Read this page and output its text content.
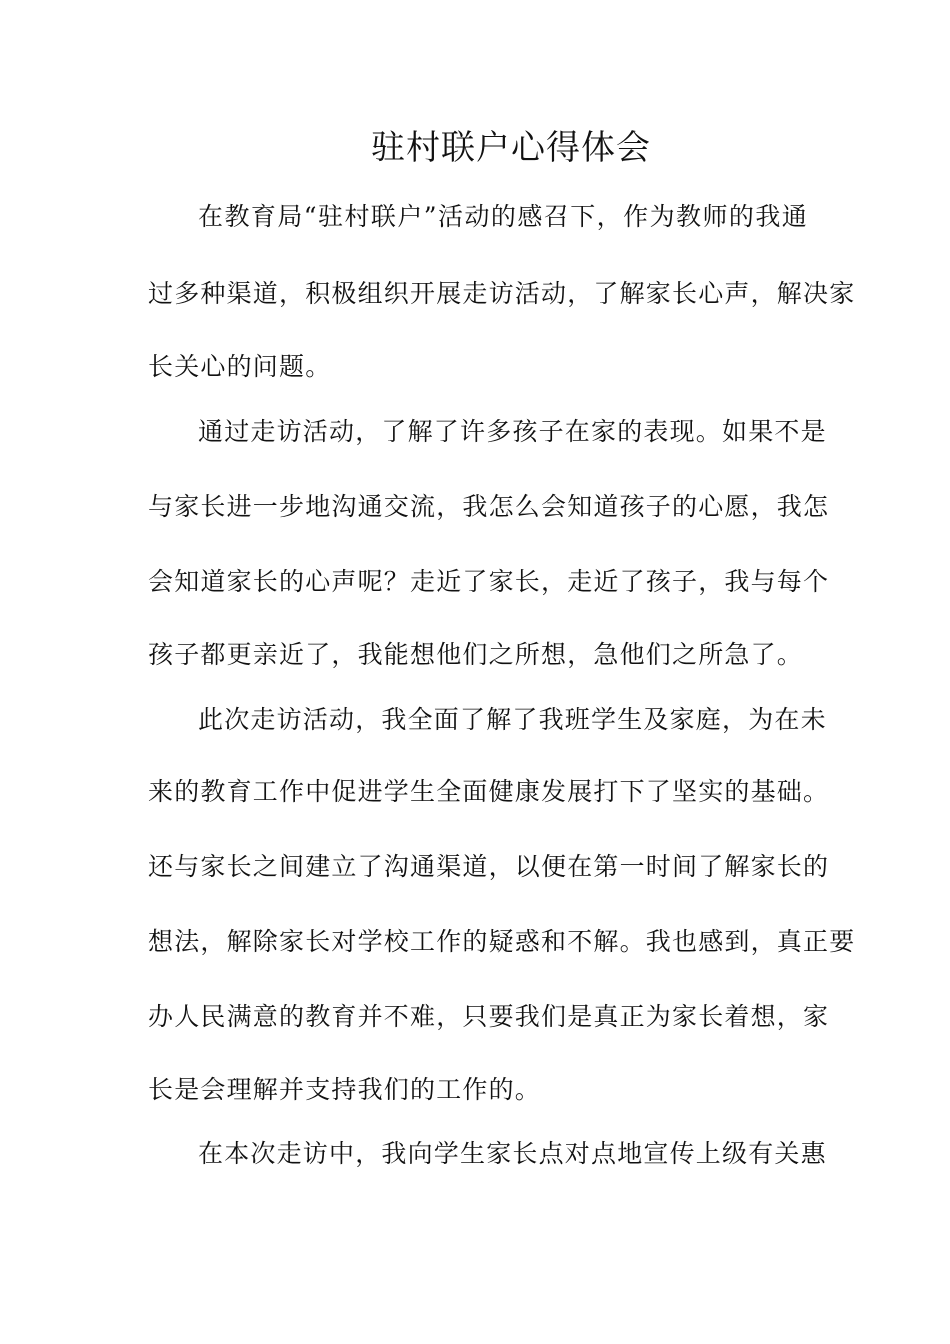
驻村联户心得体会
在教育局“驻村联户”活动的感召下，作为教师的我通
过多种渠道，积极组织开展走访活动，了解家长心声，解决家
长关心的问题。
通过走访活动，了解了许多孩子在家的表现。如果不是
与家长进一步地沟通交流，我怎么会知道孩子的心愿，我怎
会知道家长的心声呢？走近了家长，走近了孩子，我与每个
孩子都更亲近了，我能想他们之所想，急他们之所急了。
此次走访活动，我全面了解了我班学生及家庭，为在未
来的教育工作中促进学生全面健康发展打下了坚实的基础。
还与家长之间建立了沟通渠道，以便在第一时间了解家长的
想法，解除家长对学校工作的疑惑和不解。我也感到，真正要
办人民满意的教育并不难，只要我们是真正为家长着想，家
长是会理解并支持我们的工作的。
在本次走访中，我向学生家长点对点地宣传上级有关惠
